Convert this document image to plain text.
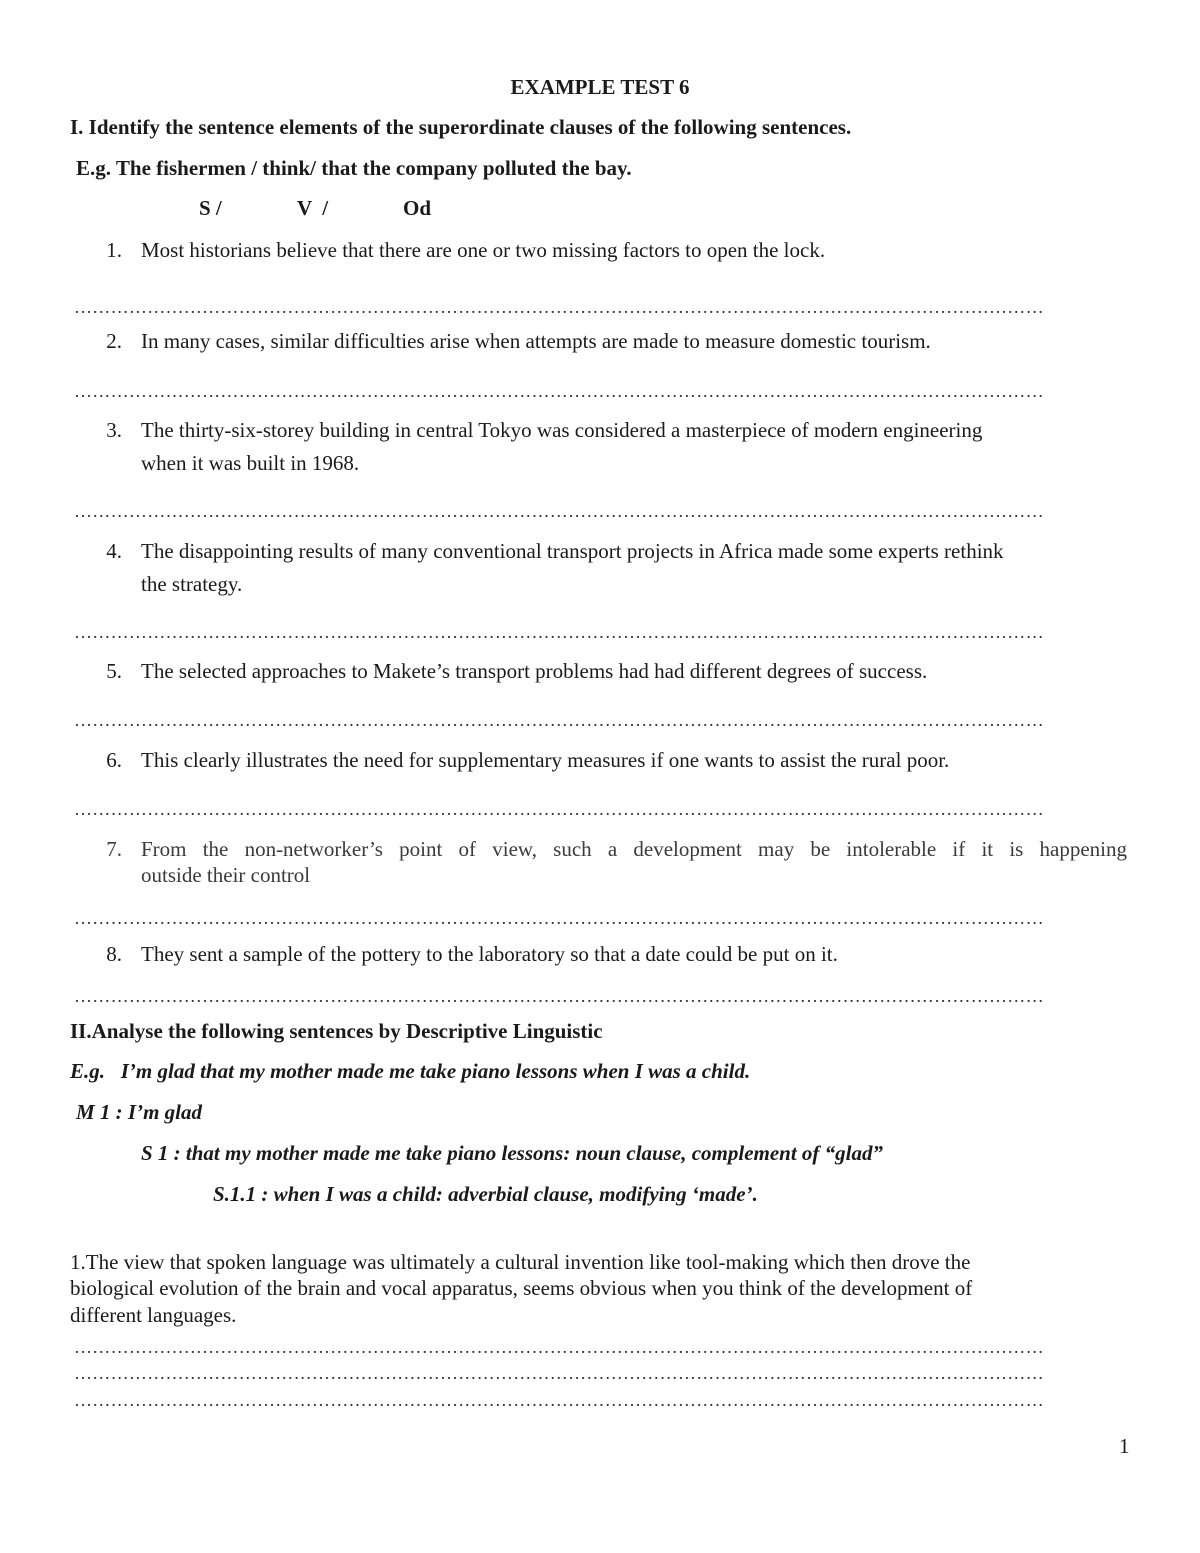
EXAMPLE TEST 6
I. Identify the sentence elements of the superordinate clauses of the following sentences.
E.g. The fishermen / think/ that the company polluted the bay.
S /	V  /	Od
1. Most historians believe that there are one or two missing factors to open the lock.
……………………………………………………………………………………………………………………………………………
2. In many cases, similar difficulties arise when attempts are made to measure domestic tourism.
……………………………………………………………………………………………………………………………………………
3. The thirty-six-storey building in central Tokyo was considered a masterpiece of modern engineering
when it was built in 1968.
……………………………………………………………………………………………………………………………………………
4. The disappointing results of many conventional transport projects in Africa made some experts rethink
the strategy.
……………………………………………………………………………………………………………………………………………
5. The selected approaches to Makete’s transport problems had had different degrees of success.
……………………………………………………………………………………………………………………………………………
6. This clearly illustrates the need for supplementary measures if one wants to assist the rural poor.
……………………………………………………………………………………………………………………………………………
7. From the non-networker’s point of view, such a development may be intolerable if it is happening
outside their control
……………………………………………………………………………………………………………………………………………
8. They sent a sample of the pottery to the laboratory so that a date could be put on it.
……………………………………………………………………………………………………………………………………………
II.Analyse the following sentences by Descriptive Linguistic
E.g.   I’m glad that my mother made me take piano lessons when I was a child.
M 1 : I’m glad
S 1 : that my mother made me take piano lessons: noun clause, complement of “glad”
S.1.1 : when I was a child: adverbial clause, modifying ‘made’.
1.The view that spoken language was ultimately a cultural invention like tool-making which then drove the
biological evolution of the brain and vocal apparatus, seems obvious when you think of the development of
different languages.
……………………………………………………………………………………………………………………………………………
……………………………………………………………………………………………………………………………………………
……………………………………………………………………………………………………………………………………………
1
